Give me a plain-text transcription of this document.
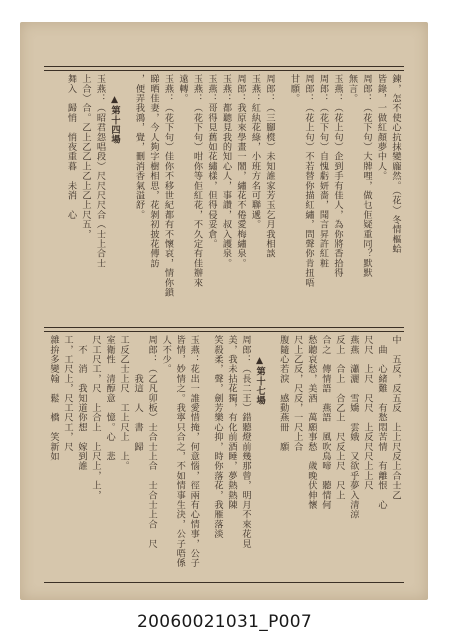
鍊，怎不使心抗抹變龐然。（花）冬情樞蛤
皆錄，一做紅顏夢中人。
周郎：（花下句）大牌哩，做乜佢疑重同？默默
無言。
玉燕：（花上句）企到手有佳人，為你將香拾得
周郎：（花下句）自愧虧妍嗇，聞言昇許紅粧
周郎：（花上句）不若替你描紅繡，問聲你肯扭唔
甘願。
周郎：（三腳櫈）未知誰家芳玉乞月我相談
玉燕：紅紈花綠，小班方名可聯遞。
周郎：我原來學畫一鬧，繡花不倦愛梅繡泉。
玉燕：都聽見我的知心人，事讚，叔入護泉。
玉燕：哥得見舊如花繡樣，但得侵妥倉。
玉燕：（花下句）咁你等佢紅花，不久定有佳辦來
遠轉。
玉燕：（花下句）佳你不移世紀都有不懷哀，情你鎖
睇晒佳妻，今人夠字樹相思，花剝初披花傳訪
，便弄我鴻，覺，刪消香氣溢舒。
▲第十四場
玉燕：（昭君怨唱段）尺尺尺尺合（士上合士
上合）合。乙上乙乙上乙上乙上尺五，
舞入　歸悄　悄夜重暮　未消　心
中　五反，反五反　上上尺反上合士乙
　曲　心緒難　有愁悶苦情　有離恨　心
尺尺　上尺　尺尺　上反尺尺上上尺
燕燕　瀟灑　雪嬌　雲娥　又欲乎夢入清涼
反上　合上　合乙上　尺反上尺　尺上
合之　傳情語　燕語　風吹鳥啼　聽情何
愁聽哀愁，美酒　萬願事愁　歲晚伏伸懷
尺上乙反，尺反，一尺上合
腹隨心若淚　感動燕冊　願
▲第十七場
周郎：（長二王）錯聽燈前幾那曾，明月不來花見
美，我未拈花獨，有化前酒睡，夢熱熱陳
笑殺柔，聲，劍芳樂心抑，時你落花，我雁落淡
玉燕：花出一誰愛惜掩，何意惱，徑兩有心情事，公子
皆情，妙情之。我寧只合之，不如情事生決，公子唔係
人不少。
周郎：（乙凡卯板）士合士上合　士合士上合　尺
　　　　我這　人　書　歸
工反乙士上尺　工上尺上　上。
室衛性　清醇意　憶。心　悲
尺工尺工，尺　上合上　上尺上，上，
　不　消　我知道你想　嫁到誰
工，工尺上，尺工尺工，尺
雜拚多變翰　鬆　橋　笑新如
20060021031_P007
